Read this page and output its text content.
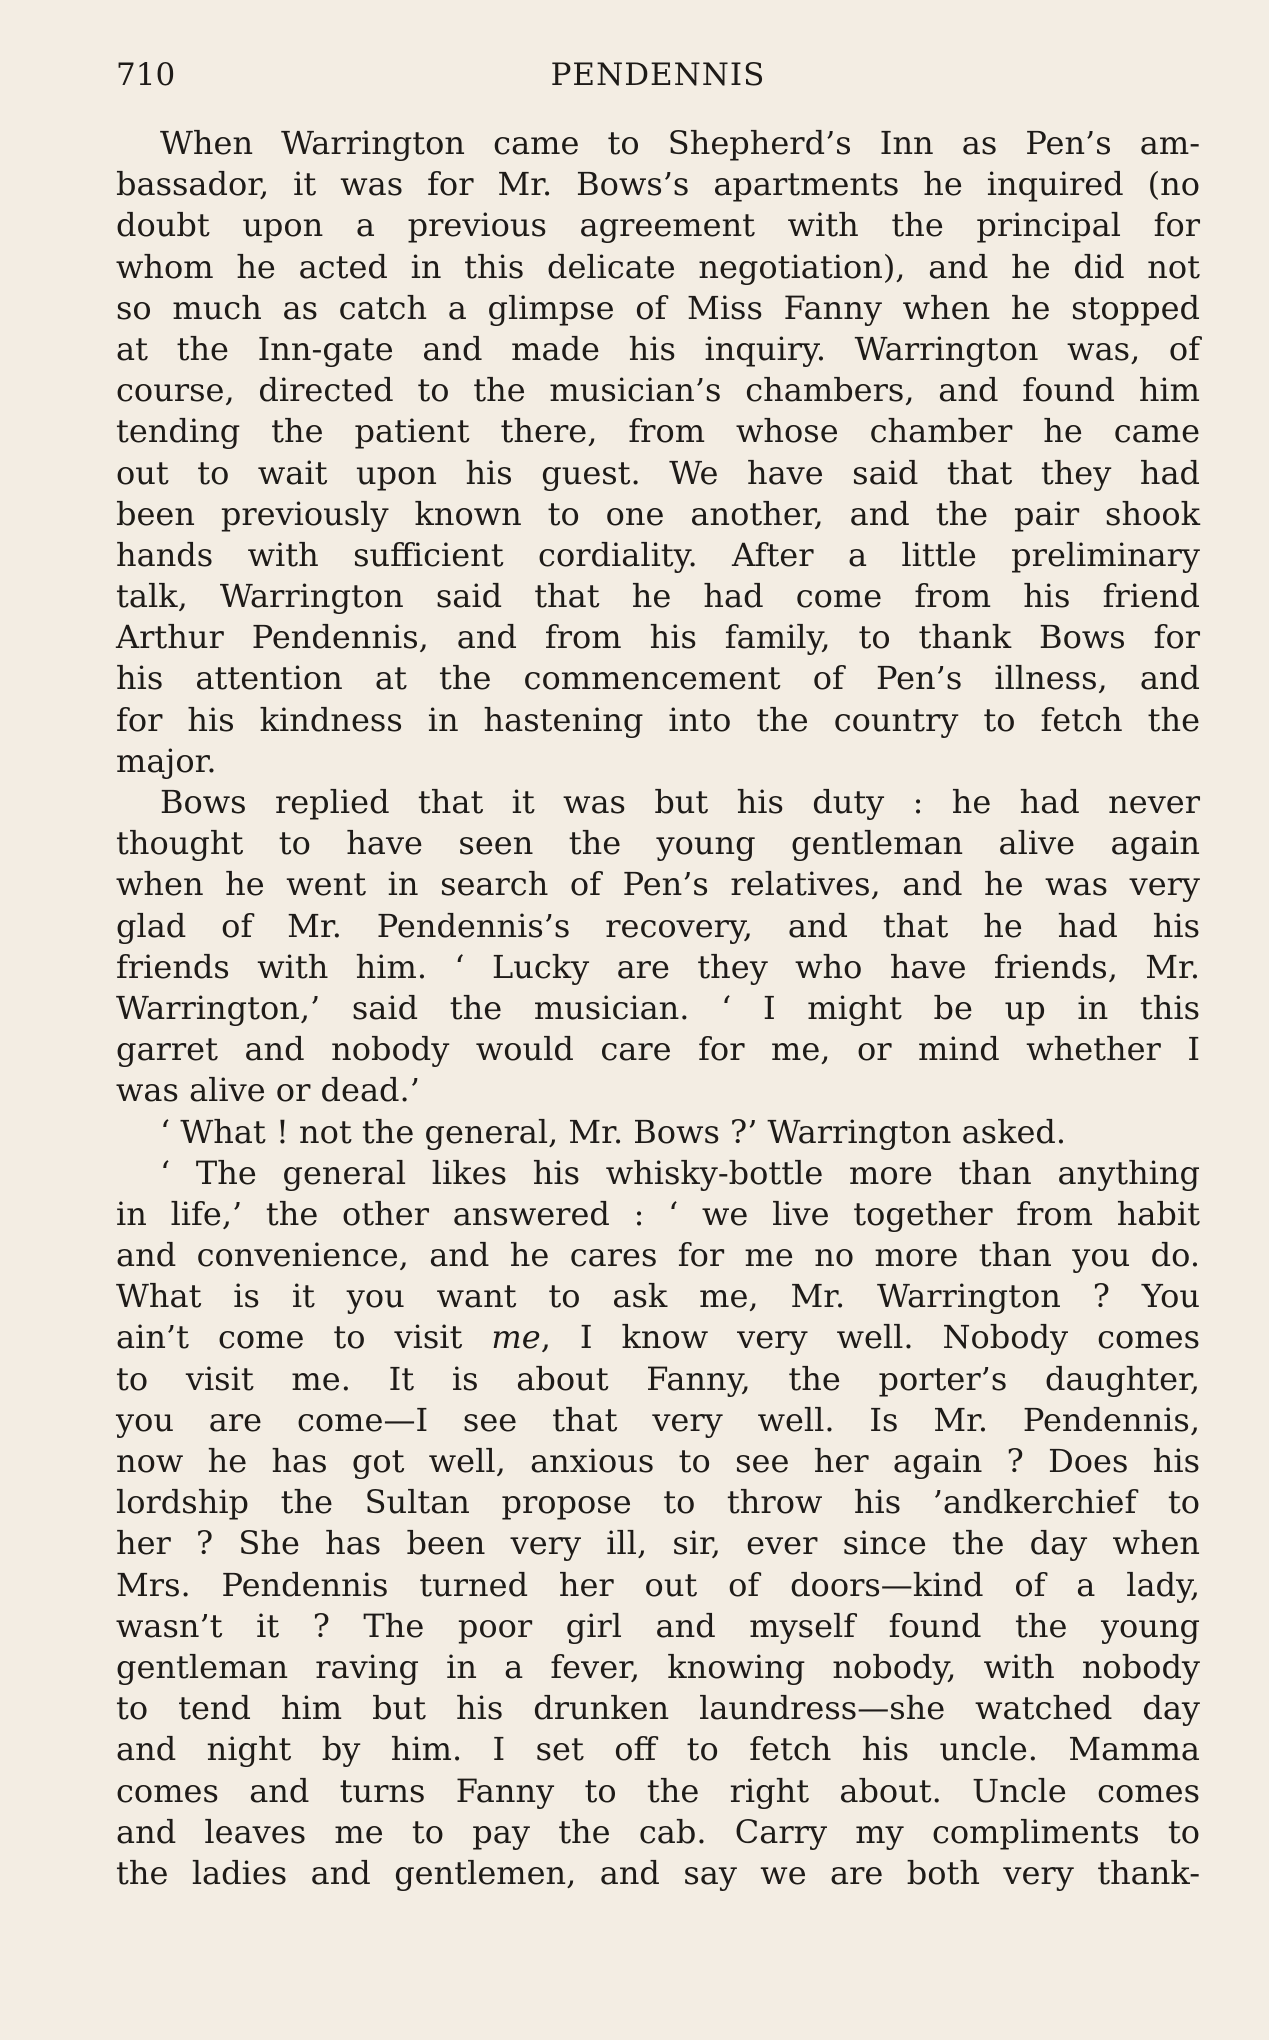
710	PENDENNIS
When Warrington came to Shepherd’s Inn as Pen’s am-
bassador, it was for Mr. Bows’s apartments he inquired (no
doubt upon a previous agreement with the principal for
whom he acted in this delicate negotiation), and he did not
so much as catch a glimpse of Miss Fanny when he stopped
at the Inn-gate and made his inquiry. Warrington was, of
course, directed to the musician’s chambers, and found him
tending the patient there, from whose chamber he came
out to wait upon his guest. We have said that they had
been previously known to one another, and the pair shook
hands with sufficient cordiality. After a little preliminary
talk, Warrington said that he had come from his friend
Arthur Pendennis, and from his family, to thank Bows for
his attention at the commencement of Pen’s illness, and
for his kindness in hastening into the country to fetch the
major.
Bows replied that it was but his duty : he had never
thought to have seen the young gentleman alive again
when he went in search of Pen’s relatives, and he was very
glad of Mr. Pendennis’s recovery, and that he had his
friends with him. ‘ Lucky are they who have friends, Mr.
Warrington,’ said the musician. ‘ I might be up in this
garret and nobody would care for me, or mind whether I
was alive or dead.’
‘ What ! not the general, Mr. Bows ?’ Warrington asked.
‘ The general likes his whisky-bottle more than anything
in life,’ the other answered : ‘ we live together from habit
and convenience, and he cares for me no more than you do.
What is it you want to ask me, Mr. Warrington ? You
ain’t come to visit me, I know very well. Nobody comes
to visit me. It is about Fanny, the porter’s daughter,
you are come—I see that very well. Is Mr. Pendennis,
now he has got well, anxious to see her again ? Does his
lordship the Sultan propose to throw his ’andkerchief to
her ? She has been very ill, sir, ever since the day when
Mrs. Pendennis turned her out of doors—kind of a lady,
wasn’t it ? The poor girl and myself found the young
gentleman raving in a fever, knowing nobody, with nobody
to tend him but his drunken laundress—she watched day
and night by him. I set off to fetch his uncle. Mamma
comes and turns Fanny to the right about. Uncle comes
and leaves me to pay the cab. Carry my compliments to
the ladies and gentlemen, and say we are both very thank-
